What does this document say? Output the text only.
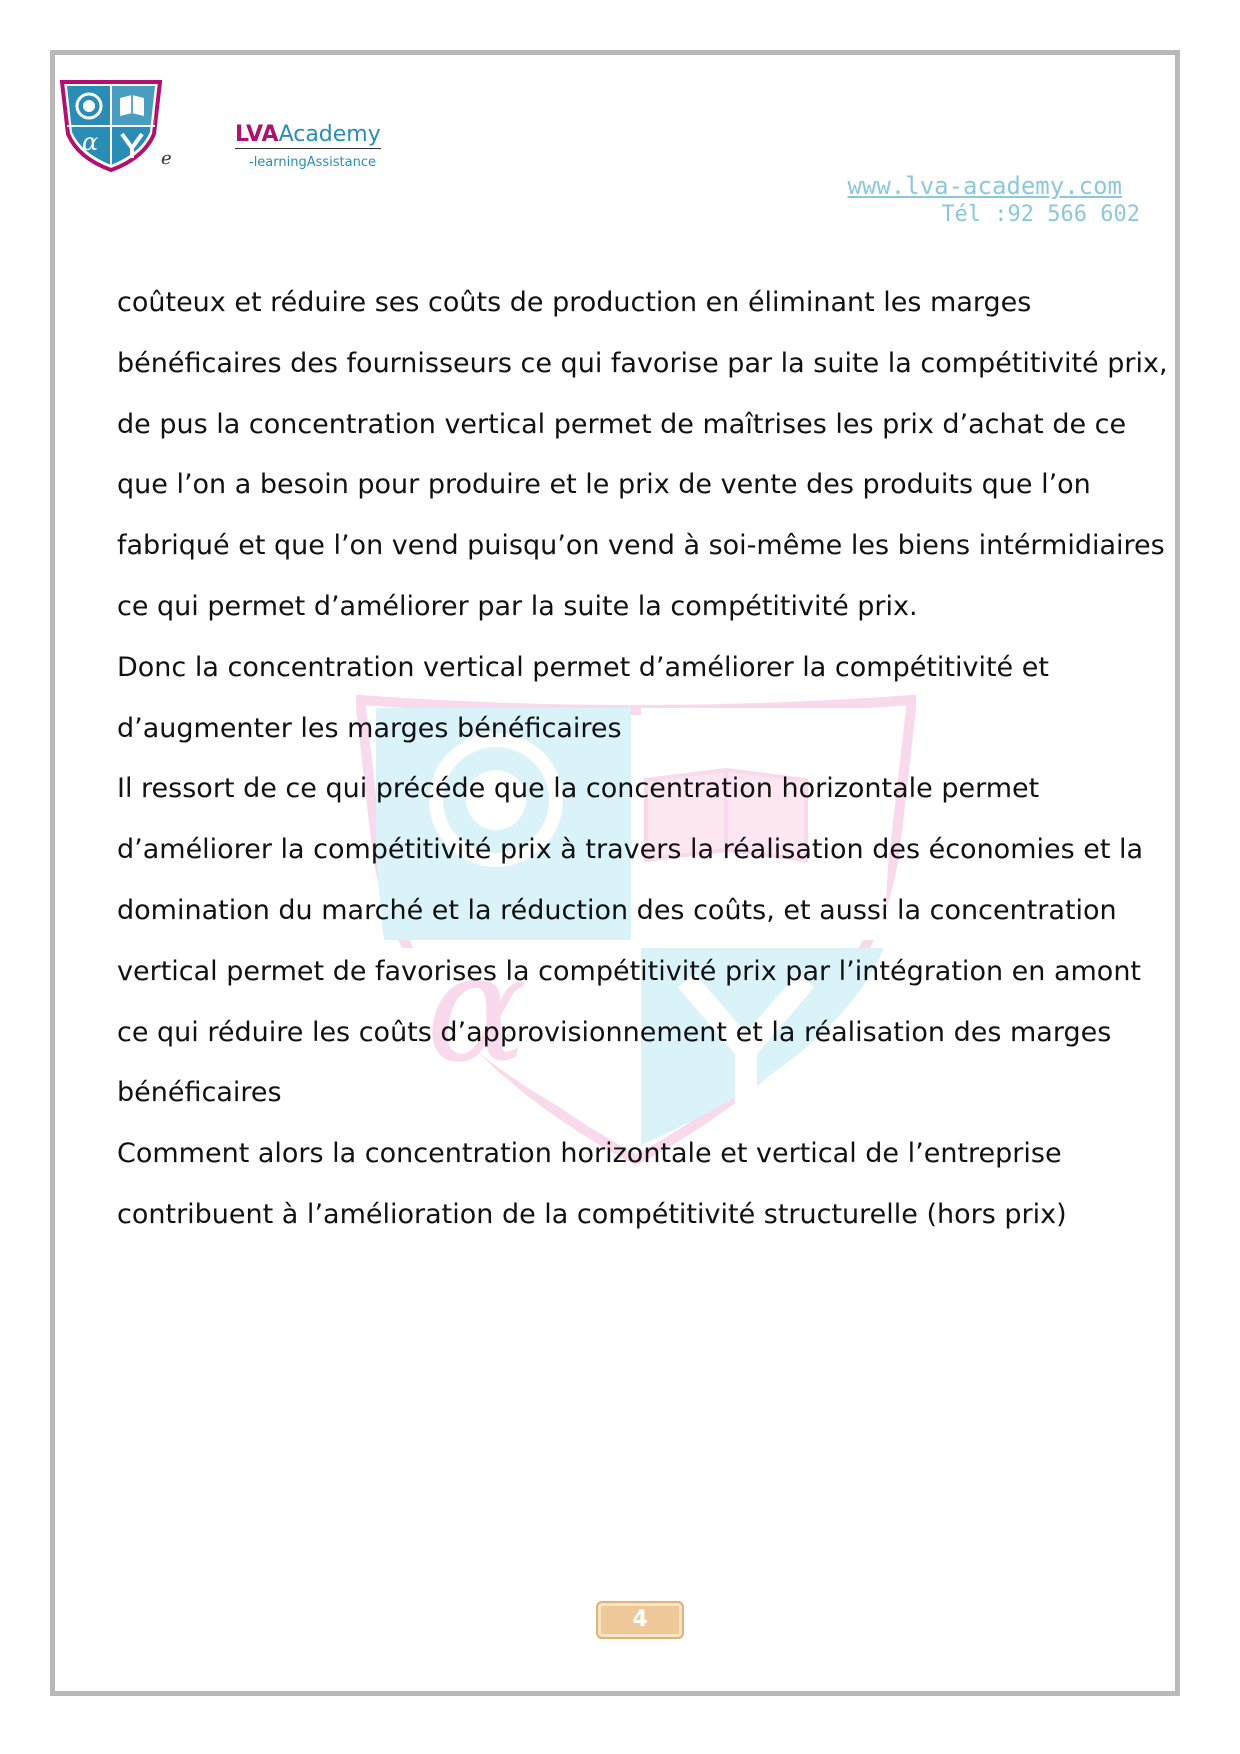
α
e
LVAAcademy
-learningAssistance
www.lva-academy.com
Tél :92 566 602
α
coûteux et réduire ses coûts de production en éliminant les marges
bénéficaires des fournisseurs ce qui favorise par la suite la compétitivité prix,
de pus la concentration vertical permet de maîtrises les prix d’achat de ce
que l’on a besoin pour produire et le prix de vente des produits que l’on
fabriqué et que l’on vend puisqu’on vend à soi-même les biens intérmidiaires
ce qui permet d’améliorer par la suite la compétitivité prix.
Donc la concentration vertical permet d’améliorer la compétitivité et
d’augmenter les marges bénéficaires
Il ressort de ce qui précéde que la concentration horizontale permet
d’améliorer la compétitivité prix à travers la réalisation des économies et la
domination du marché et la réduction des coûts, et aussi la concentration
vertical permet de favorises la compétitivité prix par l’intégration en amont
ce qui réduire les coûts d’approvisionnement et la réalisation des marges
bénéficaires
Comment alors la concentration horizontale et vertical de l’entreprise
contribuent à l’amélioration de la compétitivité structurelle (hors prix)
4
